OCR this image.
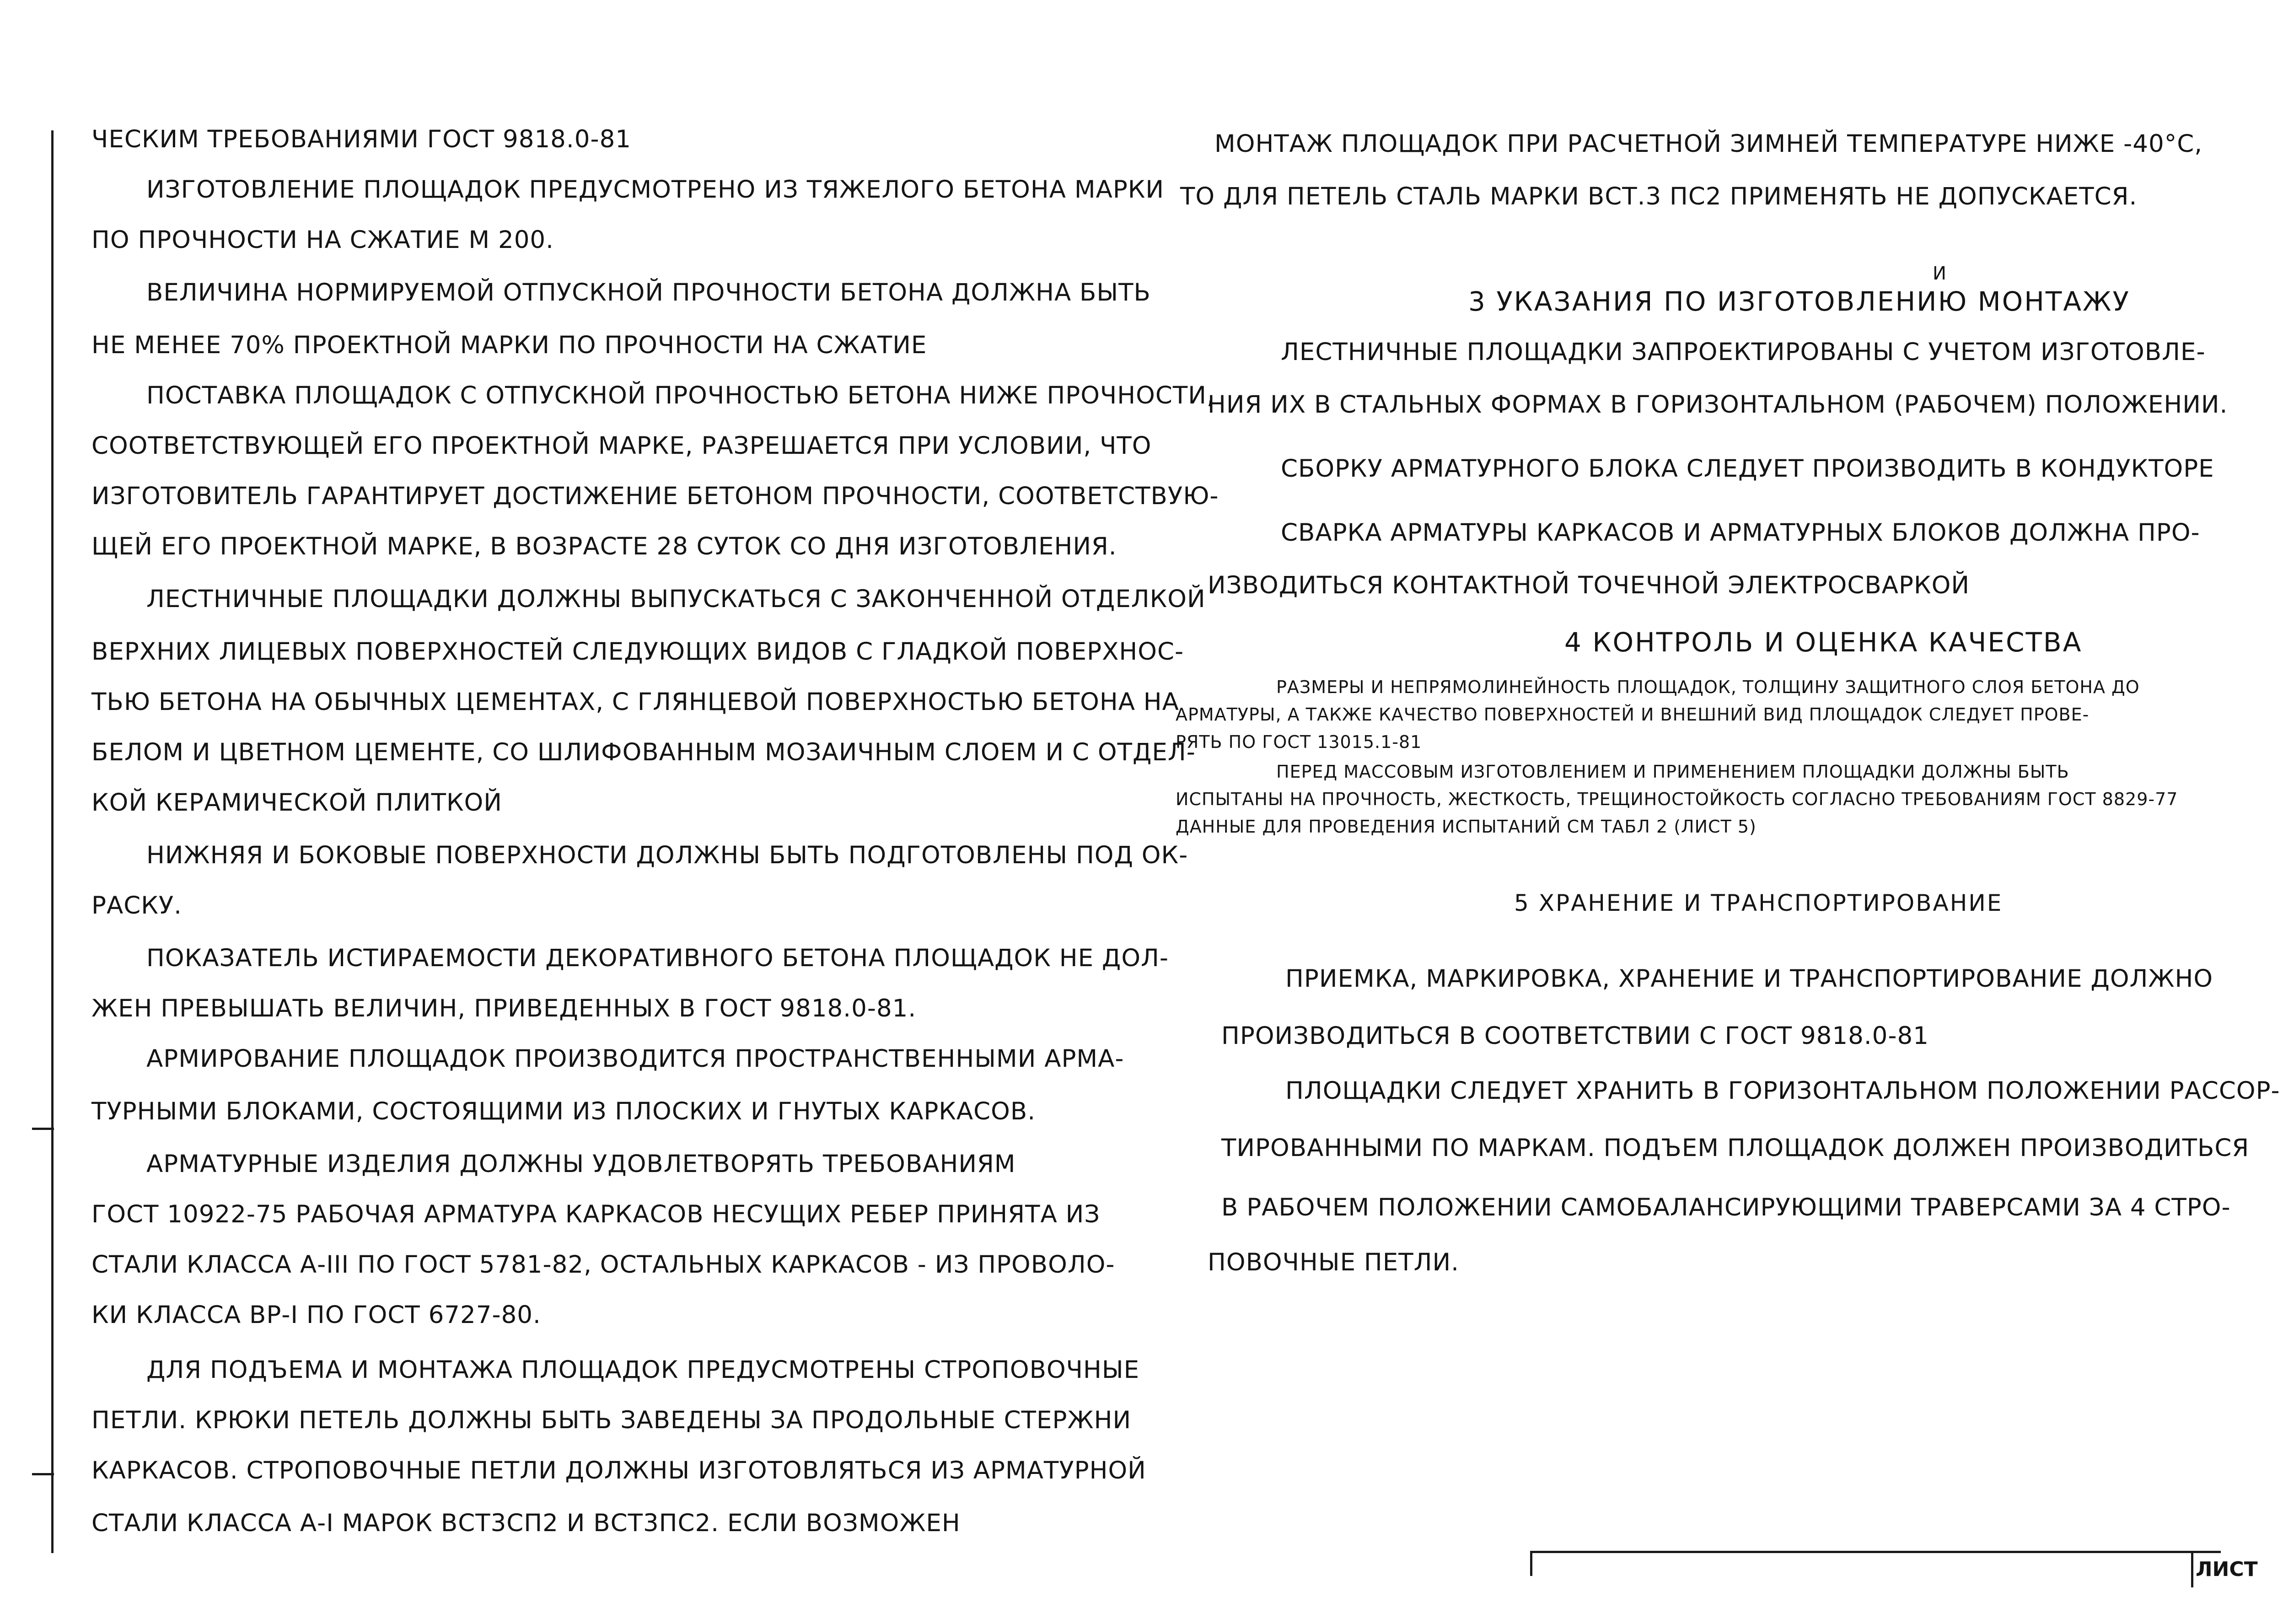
ЧЕСКИМ ТРЕБОВАНИЯМИ ГОСТ 9818.0-81
ИЗГОТОВЛЕНИЕ ПЛОЩАДОК ПРЕДУСМОТРЕНО ИЗ ТЯЖЕЛОГО БЕТОНА МАРКИ
ПО ПРОЧНОСТИ НА СЖАТИЕ М 200.
ВЕЛИЧИНА НОРМИРУЕМОЙ ОТПУСКНОЙ ПРОЧНОСТИ БЕТОНА ДОЛЖНА БЫТЬ
НЕ МЕНЕЕ 70% ПРОЕКТНОЙ МАРКИ ПО ПРОЧНОСТИ НА СЖАТИЕ
ПОСТАВКА ПЛОЩАДОК С ОТПУСКНОЙ ПРОЧНОСТЬЮ БЕТОНА НИЖЕ ПРОЧНОСТИ,
СООТВЕТСТВУЮЩЕЙ ЕГО ПРОЕКТНОЙ МАРКЕ, РАЗРЕШАЕТСЯ ПРИ УСЛОВИИ, ЧТО
ИЗГОТОВИТЕЛЬ ГАРАНТИРУЕТ ДОСТИЖЕНИЕ БЕТОНОМ ПРОЧНОСТИ, СООТВЕТСТВУЮ-
ЩЕЙ ЕГО ПРОЕКТНОЙ МАРКЕ, В ВОЗРАСТЕ 28 СУТОК СО ДНЯ ИЗГОТОВЛЕНИЯ.
ЛЕСТНИЧНЫЕ ПЛОЩАДКИ ДОЛЖНЫ ВЫПУСКАТЬСЯ С ЗАКОНЧЕННОЙ ОТДЕЛКОЙ
ВЕРХНИХ ЛИЦЕВЫХ ПОВЕРХНОСТЕЙ СЛЕДУЮЩИХ ВИДОВ С ГЛАДКОЙ ПОВЕРХНОС-
ТЬЮ БЕТОНА НА ОБЫЧНЫХ ЦЕМЕНТАХ, С ГЛЯНЦЕВОЙ ПОВЕРХНОСТЬЮ БЕТОНА НА
БЕЛОМ И ЦВЕТНОМ ЦЕМЕНТЕ, СО ШЛИФОВАННЫМ МОЗАИЧНЫМ СЛОЕМ И С ОТДЕЛ-
КОЙ КЕРАМИЧЕСКОЙ ПЛИТКОЙ
НИЖНЯЯ И БОКОВЫЕ ПОВЕРХНОСТИ ДОЛЖНЫ БЫТЬ ПОДГОТОВЛЕНЫ ПОД ОК-
РАСКУ.
ПОКАЗАТЕЛЬ ИСТИРАЕМОСТИ ДЕКОРАТИВНОГО БЕТОНА ПЛОЩАДОК НЕ ДОЛ-
ЖЕН ПРЕВЫШАТЬ ВЕЛИЧИН, ПРИВЕДЕННЫХ В ГОСТ 9818.0-81.
АРМИРОВАНИЕ ПЛОЩАДОК ПРОИЗВОДИТСЯ ПРОСТРАНСТВЕННЫМИ АРМА-
ТУРНЫМИ БЛОКАМИ, СОСТОЯЩИМИ ИЗ ПЛОСКИХ И ГНУТЫХ КАРКАСОВ.
АРМАТУРНЫЕ ИЗДЕЛИЯ ДОЛЖНЫ УДОВЛЕТВОРЯТЬ ТРЕБОВАНИЯМ
ГОСТ 10922-75 РАБОЧАЯ АРМАТУРА КАРКАСОВ НЕСУЩИХ РЕБЕР ПРИНЯТА ИЗ
СТАЛИ КЛАССА А-III ПО ГОСТ 5781-82, ОСТАЛЬНЫХ КАРКАСОВ - ИЗ ПРОВОЛО-
КИ КЛАССА ВР-I ПО ГОСТ 6727-80.
ДЛЯ ПОДЪЕМА И МОНТАЖА ПЛОЩАДОК ПРЕДУСМОТРЕНЫ СТРОПОВОЧНЫЕ
ПЕТЛИ. КРЮКИ ПЕТЕЛЬ ДОЛЖНЫ БЫТЬ ЗАВЕДЕНЫ ЗА ПРОДОЛЬНЫЕ СТЕРЖНИ
КАРКАСОВ. СТРОПОВОЧНЫЕ ПЕТЛИ ДОЛЖНЫ ИЗГОТОВЛЯТЬСЯ ИЗ АРМАТУРНОЙ
СТАЛИ КЛАССА А-I МАРОК ВСТ3СП2 И ВСТ3ПС2. ЕСЛИ ВОЗМОЖЕН
МОНТАЖ ПЛОЩАДОК ПРИ РАСЧЕТНОЙ ЗИМНЕЙ ТЕМПЕРАТУРЕ НИЖЕ -40°С,
ТО ДЛЯ ПЕТЕЛЬ СТАЛЬ МАРКИ ВСТ.3 ПС2 ПРИМЕНЯТЬ НЕ ДОПУСКАЕТСЯ.
3 УКАЗАНИЯ ПО ИЗГОТОВЛЕНИЮ МОНТАЖУ
И
ЛЕСТНИЧНЫЕ ПЛОЩАДКИ ЗАПРОЕКТИРОВАНЫ С УЧЕТОМ ИЗГОТОВЛЕ-
НИЯ ИХ В СТАЛЬНЫХ ФОРМАХ В ГОРИЗОНТАЛЬНОМ (РАБОЧЕМ) ПОЛОЖЕНИИ.
СБОРКУ АРМАТУРНОГО БЛОКА СЛЕДУЕТ ПРОИЗВОДИТЬ В КОНДУКТОРЕ
СВАРКА АРМАТУРЫ КАРКАСОВ И АРМАТУРНЫХ БЛОКОВ ДОЛЖНА ПРО-
ИЗВОДИТЬСЯ КОНТАКТНОЙ ТОЧЕЧНОЙ ЭЛЕКТРОСВАРКОЙ
4 КОНТРОЛЬ И ОЦЕНКА КАЧЕСТВА
РАЗМЕРЫ И НЕПРЯМОЛИНЕЙНОСТЬ ПЛОЩАДОК, ТОЛЩИНУ ЗАЩИТНОГО СЛОЯ БЕТОНА ДО
АРМАТУРЫ, А ТАКЖЕ КАЧЕСТВО ПОВЕРХНОСТЕЙ И ВНЕШНИЙ ВИД ПЛОЩАДОК СЛЕДУЕТ ПРОВЕ-
РЯТЬ ПО ГОСТ 13015.1-81
ПЕРЕД МАССОВЫМ ИЗГОТОВЛЕНИЕМ И ПРИМЕНЕНИЕМ ПЛОЩАДКИ ДОЛЖНЫ БЫТЬ
ИСПЫТАНЫ НА ПРОЧНОСТЬ, ЖЕСТКОСТЬ, ТРЕЩИНОСТОЙКОСТЬ СОГЛАСНО ТРЕБОВАНИЯМ ГОСТ 8829-77
ДАННЫЕ ДЛЯ ПРОВЕДЕНИЯ ИСПЫТАНИЙ СМ ТАБЛ 2 (ЛИСТ 5)
5 ХРАНЕНИЕ И ТРАНСПОРТИРОВАНИЕ
ПРИЕМКА, МАРКИРОВКА, ХРАНЕНИЕ И ТРАНСПОРТИРОВАНИЕ ДОЛЖНО
ПРОИЗВОДИТЬСЯ В СООТВЕТСТВИИ С ГОСТ 9818.0-81
ПЛОЩАДКИ СЛЕДУЕТ ХРАНИТЬ В ГОРИЗОНТАЛЬНОМ ПОЛОЖЕНИИ РАССОР-
ТИРОВАННЫМИ ПО МАРКАМ. ПОДЪЕМ ПЛОЩАДОК ДОЛЖЕН ПРОИЗВОДИТЬСЯ
В РАБОЧЕМ ПОЛОЖЕНИИ САМОБАЛАНСИРУЮЩИМИ ТРАВЕРСАМИ ЗА 4 СТРО-
ПОВОЧНЫЕ ПЕТЛИ.
ЛИСТ
